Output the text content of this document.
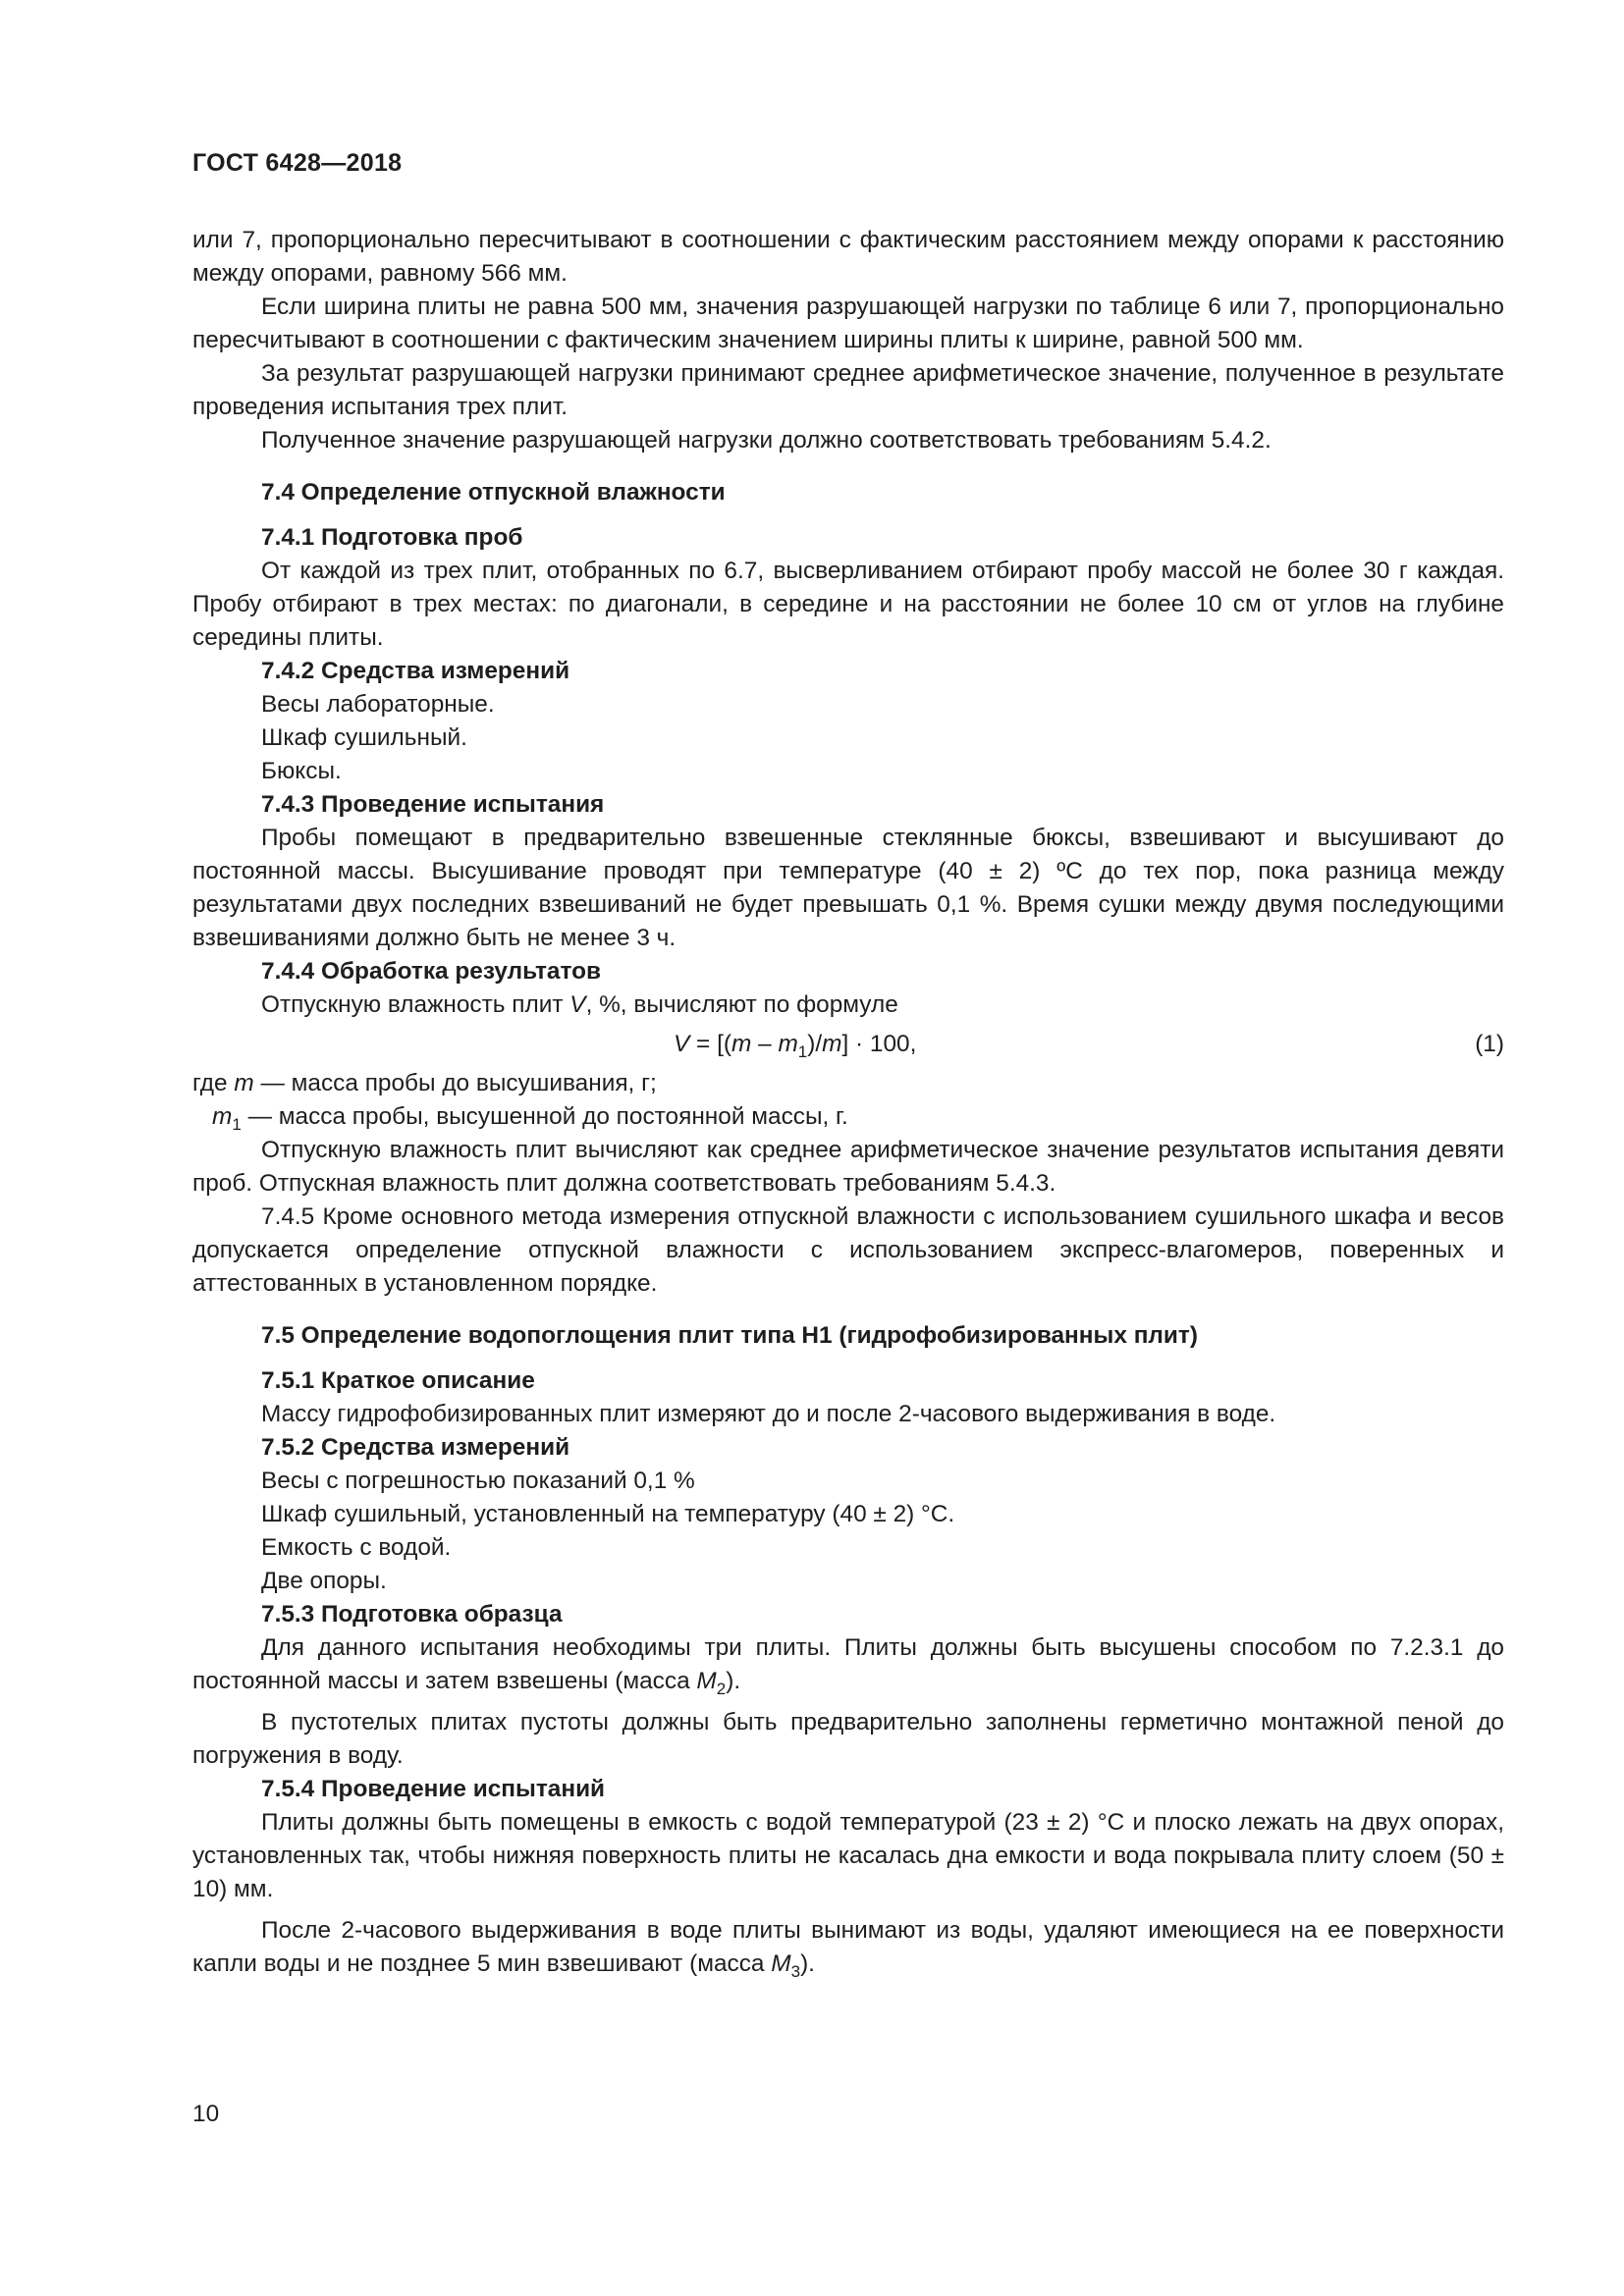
ГОСТ 6428—2018

или 7, пропорционально пересчитывают в соотношении с фактическим расстоянием между опорами к расстоянию между опорами, равному 566 мм.

Если ширина плиты не равна 500 мм, значения разрушающей нагрузки по таблице 6 или 7, пропорционально пересчитывают в соотношении с фактическим значением ширины плиты к ширине, равной 500 мм.

За результат разрушающей нагрузки принимают среднее арифметическое значение, полученное в результате проведения испытания трех плит.

Полученное значение разрушающей нагрузки должно соответствовать требованиям 5.4.2.

7.4 Определение отпускной влажности

7.4.1 Подготовка проб

От каждой из трех плит, отобранных по 6.7, высверливанием отбирают пробу массой не более 30 г каждая. Пробу отбирают в трех местах: по диагонали, в середине и на расстоянии не более 10 см от углов на глубине середины плиты.

7.4.2 Средства измерений

Весы лабораторные.

Шкаф сушильный.

Бюксы.

7.4.3 Проведение испытания

Пробы помещают в предварительно взвешенные стеклянные бюксы, взвешивают и высушивают до постоянной массы. Высушивание проводят при температуре (40 ± 2) ºС до тех пор, пока разница между результатами двух последних взвешиваний не будет превышать 0,1 %. Время сушки между двумя последующими взвешиваниями должно быть не менее 3 ч.

7.4.4 Обработка результатов

Отпускную влажность плит V, %, вычисляют по формуле

$V = [(m - m_1)/m] \cdot 100$,	(1)

где m — масса пробы до высушивания, г;

$m_1$ — масса пробы, высушенной до постоянной массы, г.

Отпускную влажность плит вычисляют как среднее арифметическое значение результатов испытания девяти проб. Отпускная влажность плит должна соответствовать требованиям 5.4.3.

7.4.5 Кроме основного метода измерения отпускной влажности с использованием сушильного шкафа и весов допускается определение отпускной влажности с использованием экспресс-влагомеров, поверенных и аттестованных в установленном порядке.

7.5 Определение водопоглощения плит типа Н1 (гидрофобизированных плит)

7.5.1 Краткое описание

Массу гидрофобизированных плит измеряют до и после 2-часового выдерживания в воде.

7.5.2 Средства измерений

Весы с погрешностью показаний 0,1 %

Шкаф сушильный, установленный на температуру (40 ± 2) °С.

Емкость с водой.

Две опоры.

7.5.3 Подготовка образца

Для данного испытания необходимы три плиты. Плиты должны быть высушены способом по 7.2.3.1 до постоянной массы и затем взвешены (масса $M_2$).

В пустотелых плитах пустоты должны быть предварительно заполнены герметично монтажной пеной до погружения в воду.

7.5.4 Проведение испытаний

Плиты должны быть помещены в емкость с водой температурой (23 ± 2) °С и плоско лежать на двух опорах, установленных так, чтобы нижняя поверхность плиты не касалась дна емкости и вода покрывала плиту слоем (50 ± 10) мм.

После 2-часового выдерживания в воде плиты вынимают из воды, удаляют имеющиеся на ее поверхности капли воды и не позднее 5 мин взвешивают (масса $M_3$).

10
